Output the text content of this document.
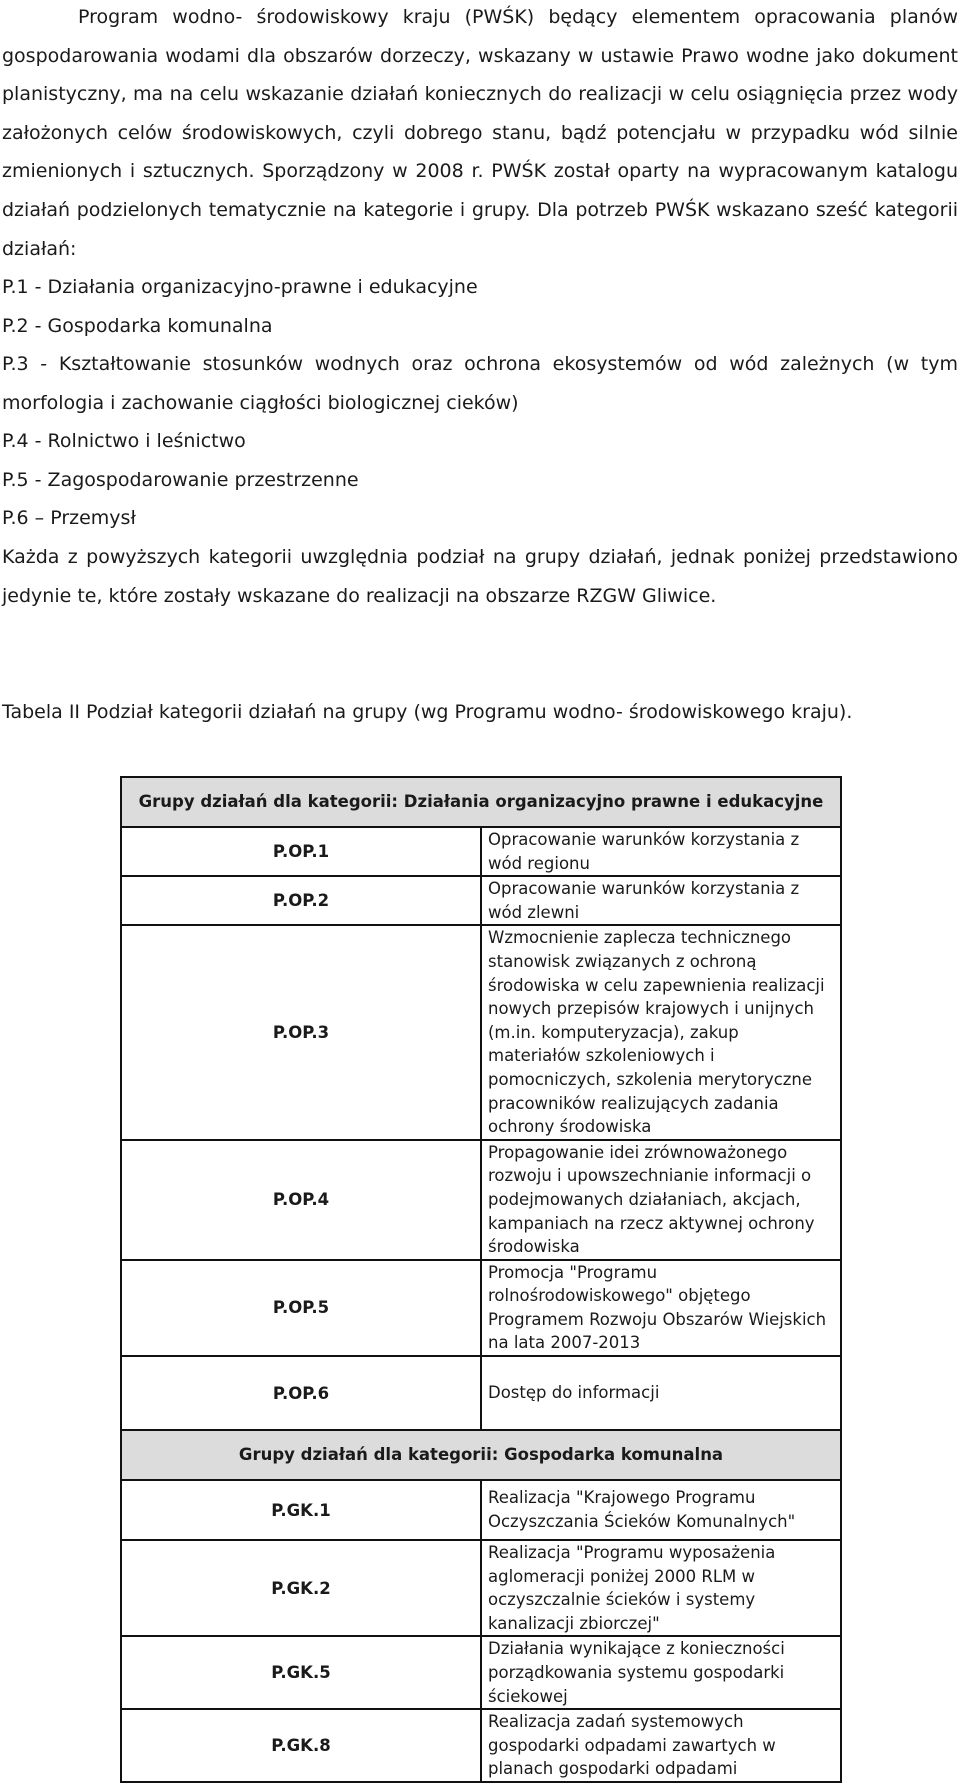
Program wodno- środowiskowy kraju (PWŚK) będący elementem opracowania planów gospodarowania wodami dla obszarów dorzeczy, wskazany w ustawie Prawo wodne jako dokument planistyczny, ma na celu wskazanie działań koniecznych do realizacji w celu osiągnięcia przez wody założonych celów środowiskowych, czyli dobrego stanu, bądź potencjału w przypadku wód silnie zmienionych i sztucznych. Sporządzony w 2008 r. PWŚK został oparty na wypracowanym katalogu działań podzielonych tematycznie na kategorie i grupy. Dla potrzeb PWŚK wskazano sześć kategorii działań:

P.1 - Działania organizacyjno-prawne i edukacyjne

P.2 - Gospodarka komunalna

P.3 - Kształtowanie stosunków wodnych oraz ochrona ekosystemów od wód zależnych (w tym morfologia i zachowanie ciągłości biologicznej cieków)

P.4 - Rolnictwo i leśnictwo

P.5 - Zagospodarowanie przestrzenne

P.6 – Przemysł

Każda z powyższych kategorii uwzględnia podział na grupy działań, jednak poniżej przedstawiono jedynie te, które zostały wskazane do realizacji na obszarze RZGW Gliwice.

Tabela II Podział kategorii działań na grupy (wg Programu wodno- środowiskowego kraju).

Grupy działań dla kategorii: Działania organizacyjno prawne i edukacyjne	
P.OP.1	Opracowanie warunków korzystania z wód regionu
P.OP.2	Opracowanie warunków korzystania z wód zlewni
P.OP.3	Wzmocnienie zaplecza technicznego stanowisk związanych z ochroną środowiska w celu zapewnienia realizacji nowych przepisów krajowych i unijnych (m.in. komputeryzacja), zakup materiałów szkoleniowych i pomocniczych, szkolenia merytoryczne pracowników realizujących zadania ochrony środowiska
P.OP.4	Propagowanie idei zrównoważonego rozwoju i upowszechnianie informacji o podejmowanych działaniach, akcjach, kampaniach na rzecz aktywnej ochrony środowiska
P.OP.5	Promocja "Programu rolnośrodowiskowego" objętego Programem Rozwoju Obszarów Wiejskich na lata 2007-2013
P.OP.6	Dostęp do informacji
Grupy działań dla kategorii: Gospodarka komunalna	
P.GK.1	Realizacja "Krajowego Programu Oczyszczania Ścieków Komunalnych"
P.GK.2	Realizacja "Programu wyposażenia aglomeracji poniżej 2000 RLM w oczyszczalnie ścieków i systemy kanalizacji zbiorczej"
P.GK.5	Działania wynikające z konieczności porządkowania systemu gospodarki ściekowej
P.GK.8	Realizacja zadań systemowych gospodarki odpadami zawartych w planach gospodarki odpadami
